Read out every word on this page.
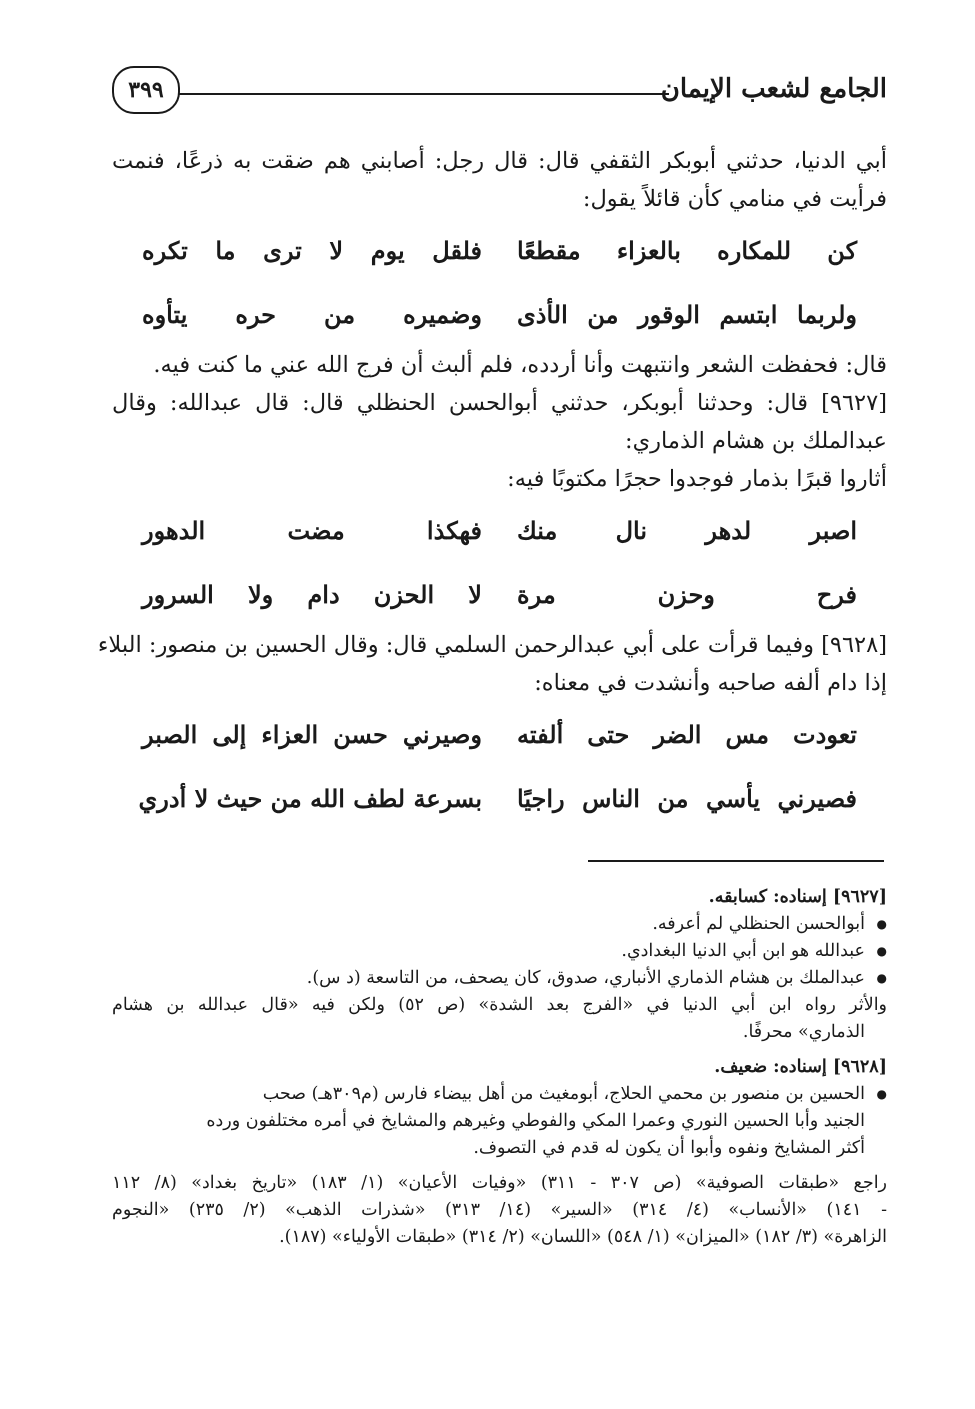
الجامع لشعب الإيمان
٣٩٩
أبي الدنيا، حدثني أبوبكر الثقفي قال: قال رجل: أصابني هم ضقت به ذرعًا، فنمت
فرأيت في منامي كأن قائلاً يقول:
كن للمكاره بالعزاء مقطعًا
فلقل يوم لا ترى ما تكره
ولربما ابتسم الوقور من الأذى
وضميره من حره يتأوه
قال: فحفظت الشعر وانتبهت وأنا أردده، فلم ألبث أن فرج الله عني ما كنت فيه.
[٩٦٢٧] قال: وحدثنا أبوبكر، حدثني أبوالحسن الحنظلي قال: قال عبدالله: وقال
عبدالملك بن هشام الذماري:
أثاروا قبرًا بذمار فوجدوا حجرًا مكتوبًا فيه:
اصبر لدهر نال منك
فهكذا مضت الدهور
فرح وحزن مرة
لا الحزن دام ولا السرور
[٩٦٢٨] وفيما قرأت على أبي عبدالرحمن السلمي قال: وقال الحسين بن منصور: البلاء
إذا دام ألفه صاحبه وأنشدت في معناه:
تعودت مس الضر حتى ألفته
وصيرني حسن العزاء إلى الصبر
فصيرني يأسي من الناس راجيًا
بسرعة لطف الله من حيث لا أدري
[٩٦٢٧] إسناده: كسابقه.
● أبوالحسن الحنظلي لم أعرفه.
● عبدالله هو ابن أبي الدنيا البغدادي.
● عبدالملك بن هشام الذماري الأنباري، صدوق، كان يصحف، من التاسعة (د س).
والأثر رواه ابن أبي الدنيا في «الفرج بعد الشدة» (ص ٥٢) ولكن فيه «قال عبدالله بن هشام
الذماري» محرفًا.
[٩٦٢٨] إسناده: ضعيف.
● الحسين بن منصور بن محمي الحلاج، أبومغيث من أهل بيضاء فارس (م٣٠٩هـ) صحب
الجنيد وأبا الحسين النوري وعمرا المكي والفوطي وغيرهم والمشايخ في أمره مختلفون ورده
أكثر المشايخ ونفوه وأبوا أن يكون له قدم في التصوف.
راجع «طبقات الصوفية» (ص ٣٠٧ - ٣١١) «وفيات الأعيان» (١/ ١٨٣) «تاريخ بغداد» (٨/ ١١٢
- ١٤١) «الأنساب» (٤/ ٣١٤) «السير» (١٤/ ٣١٣) «شذرات الذهب» (٢/ ٢٣٥) «النجوم
الزاهرة» (٣/ ١٨٢) «الميزان» (١/ ٥٤٨) «اللسان» (٢/ ٣١٤) «طبقات الأولياء» (١٨٧).
